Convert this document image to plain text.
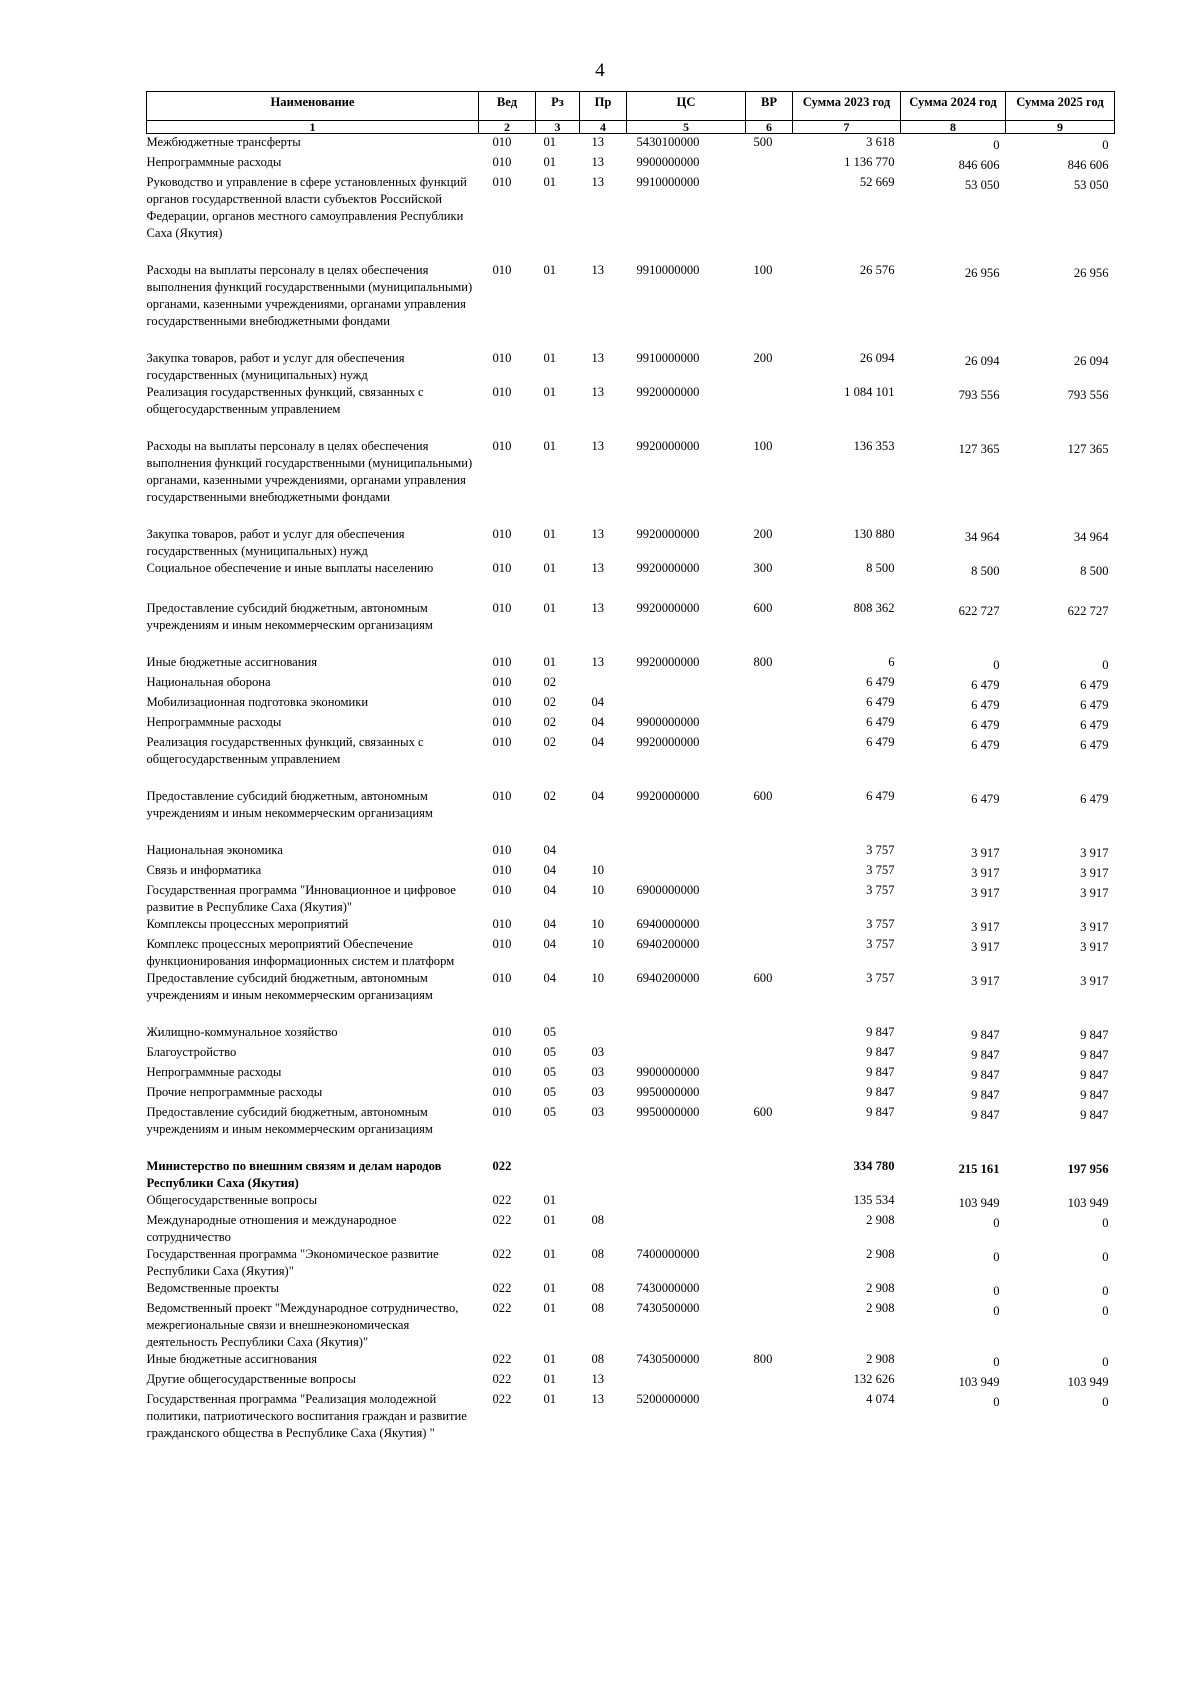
4
Наименование	Вед	Рз	Пр	ЦС	ВР	Сумма 2023 год	Сумма 2024 год	Сумма 2025 год
1	2	3	4	5	6	7	8	9
Межбюджетные трансферты	010	01	13	5430100000	500	3 618	0	0
Непрограммные расходы	010	01	13	9900000000		1 136 770	846 606	846 606
Руководство и управление в сфере установленных функций органов государственной власти субъектов Российской Федерации, органов местного самоуправления Республики Саха (Якутия)	010	01	13	9910000000		52 669	53 050	53 050
Расходы на выплаты персоналу в целях обеспечения выполнения функций государственными (муниципальными) органами, казенными учреждениями, органами управления государственными внебюджетными фондами	010	01	13	9910000000	100	26 576	26 956	26 956
Закупка товаров, работ и услуг для обеспечения государственных (муниципальных) нужд	010	01	13	9910000000	200	26 094	26 094	26 094
Реализация государственных функций, связанных с общегосударственным управлением	010	01	13	9920000000		1 084 101	793 556	793 556
Расходы на выплаты персоналу в целях обеспечения выполнения функций государственными (муниципальными) органами, казенными учреждениями, органами управления государственными внебюджетными фондами	010	01	13	9920000000	100	136 353	127 365	127 365
Закупка товаров, работ и услуг для обеспечения государственных (муниципальных) нужд	010	01	13	9920000000	200	130 880	34 964	34 964
Социальное обеспечение и иные выплаты населению	010	01	13	9920000000	300	8 500	8 500	8 500
Предоставление субсидий бюджетным, автономным учреждениям и иным некоммерческим организациям	010	01	13	9920000000	600	808 362	622 727	622 727
Иные бюджетные ассигнования	010	01	13	9920000000	800	6	0	0
Национальная оборона	010	02				6 479	6 479	6 479
Мобилизационная подготовка экономики	010	02	04			6 479	6 479	6 479
Непрограммные расходы	010	02	04	9900000000		6 479	6 479	6 479
Реализация государственных функций, связанных с общегосударственным управлением	010	02	04	9920000000		6 479	6 479	6 479
Предоставление субсидий бюджетным, автономным учреждениям и иным некоммерческим организациям	010	02	04	9920000000	600	6 479	6 479	6 479
Национальная экономика	010	04				3 757	3 917	3 917
Связь и информатика	010	04	10			3 757	3 917	3 917
Государственная программа "Инновационное и цифровое развитие в Республике Саха (Якутия)"	010	04	10	6900000000		3 757	3 917	3 917
Комплексы процессных мероприятий	010	04	10	6940000000		3 757	3 917	3 917
Комплекс процессных мероприятий Обеспечение функционирования информационных систем и платформ	010	04	10	6940200000		3 757	3 917	3 917
Предоставление субсидий бюджетным, автономным учреждениям и иным некоммерческим организациям	010	04	10	6940200000	600	3 757	3 917	3 917
Жилищно-коммунальное хозяйство	010	05				9 847	9 847	9 847
Благоустройство	010	05	03			9 847	9 847	9 847
Непрограммные расходы	010	05	03	9900000000		9 847	9 847	9 847
Прочие непрограммные расходы	010	05	03	9950000000		9 847	9 847	9 847
Предоставление субсидий бюджетным, автономным учреждениям и иным некоммерческим организациям	010	05	03	9950000000	600	9 847	9 847	9 847
Министерство по внешним связям и делам народов Республики Саха (Якутия)	022					334 780	215 161	197 956
Общегосударственные вопросы	022	01				135 534	103 949	103 949
Международные отношения и международное сотрудничество	022	01	08			2 908	0	0
Государственная программа "Экономическое развитие Республики Саха (Якутия)"	022	01	08	7400000000		2 908	0	0
Ведомственные проекты	022	01	08	7430000000		2 908	0	0
Ведомственный проект "Международное сотрудничество, межрегиональные связи и внешнеэкономическая деятельность Республики Саха (Якутия)"	022	01	08	7430500000		2 908	0	0
Иные бюджетные ассигнования	022	01	08	7430500000	800	2 908	0	0
Другие общегосударственные вопросы	022	01	13			132 626	103 949	103 949
Государственная программа "Реализация молодежной политики, патриотического воспитания граждан и развитие гражданского общества в Республике Саха (Якутия) "	022	01	13	5200000000		4 074	0	0
